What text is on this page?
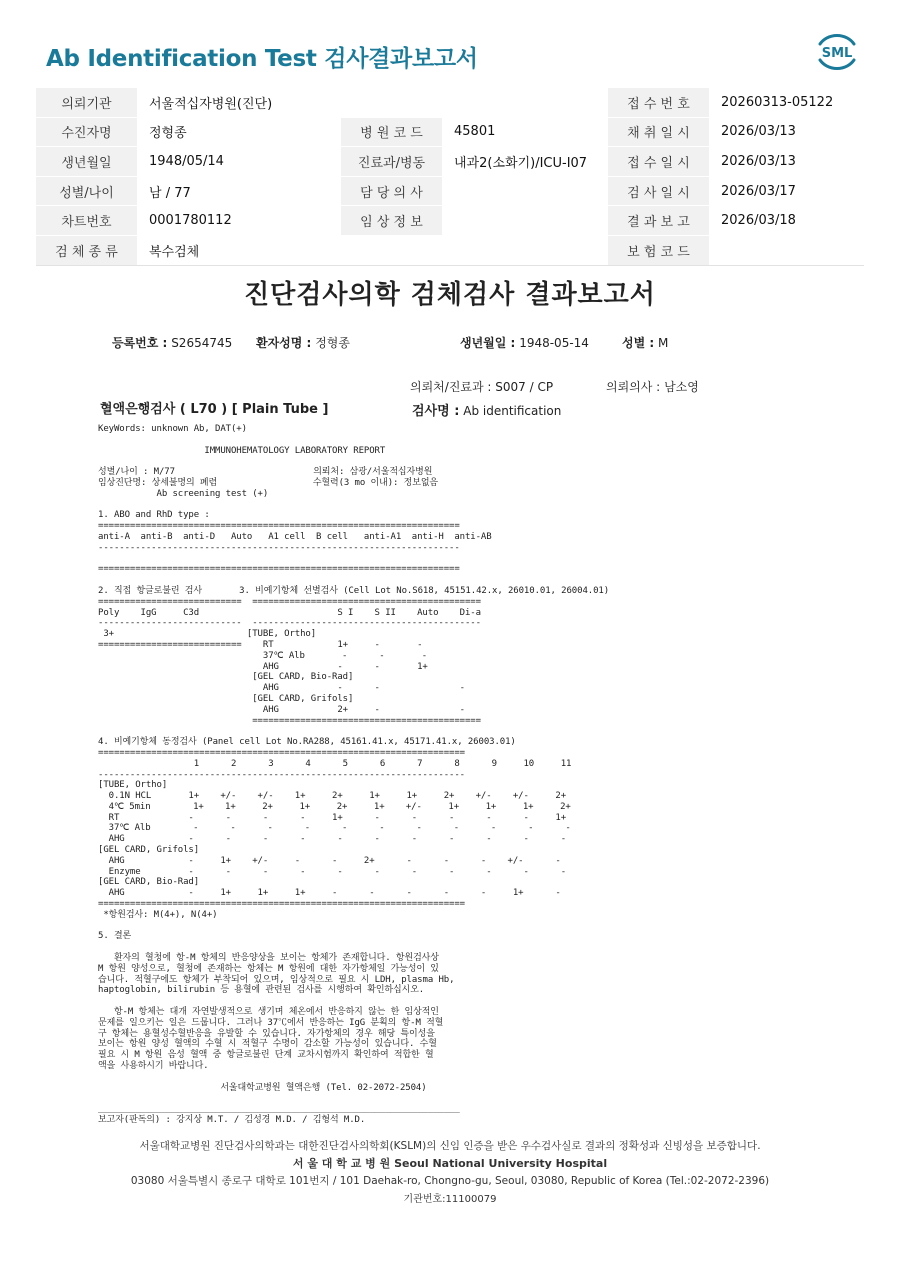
Ab Identification Test 검사결과보고서	SML
의뢰기관	서울적십자병원(진단)			접 수 번 호	20260313-05122
수진자명	정형종	병 원 코 드	45801	채 취 일 시	2026/03/13
생년월일	1948/05/14	진료과/병동	내과2(소화기)/ICU-I07	접 수 일 시	2026/03/13
성별/나이	남 / 77	담 당 의 사		검 사 일 시	2026/03/17
차트번호	0001780112	임 상 정 보		결 과 보 고	2026/03/18
검 체 종 류	복수검체			보 험 코 드	
진단검사의학 검체검사 결과보고서
등록번호 : S2654745 환자성명 : 정형종	생년월일 : 1948-05-14	성별 : M
의뢰처/진료과 : S007 / CP	의뢰의사 : 남소영
혈액은행검사 ( L70 ) [ Plain Tube ]	검사명 : Ab identification
KeyWords: unknown Ab, DAT(+)
IMMUNOHEMATOLOGY LABORATORY REPORT
성별/나이 : M/77                          의뢰처: 삼광/서울적십자병원
임상진단명: 상세불명의 폐렴                  수혈력(3 mo 이내): 정보없음
Ab screening test (+)
1. ABO and RhD type :
====================================================================
anti-A  anti-B  anti-D   Auto   A1 cell  B cell   anti-A1  anti-H  anti-AB
--------------------------------------------------------------------
====================================================================
2. 직접 항글로불린 검사       3. 비예기항체 선별검사 (Cell Lot No.S618, 45151.42.x, 26010.01, 26004.01)
===========================  ===========================================
Poly    IgG     C3d                          S I    S II    Auto    Di-a
---------------------------  -------------------------------------------
3+                         [TUBE, Ortho]
===========================    RT            1+     -       -
37℃ Alb       -      -       -
AHG           -      -       1+
[GEL CARD, Bio-Rad]
AHG           -      -               -
[GEL CARD, Grifols]
AHG           2+     -               -
===========================================
4. 비예기항체 동정검사 (Panel cell Lot No.RA288, 45161.41.x, 45171.41.x, 26003.01)
=====================================================================
1      2      3      4      5      6      7      8      9     10     11
---------------------------------------------------------------------
[TUBE, Ortho]
0.1N HCL       1+    +/-    +/-    1+     2+     1+     1+     2+    +/-    +/-     2+
4℃ 5min        1+    1+     2+     1+     2+     1+    +/-     1+     1+     1+     2+
RT             -      -      -      -     1+      -      -      -      -      -     1+
37℃ Alb        -      -      -      -      -      -      -      -      -      -      -
AHG            -      -      -      -      -      -      -      -      -      -      -
[GEL CARD, Grifols]
AHG            -     1+    +/-     -      -     2+      -      -      -    +/-      -
Enzyme         -      -      -      -      -      -      -      -      -      -      -
[GEL CARD, Bio-Rad]
AHG            -     1+     1+     1+     -      -      -      -      -     1+      -
=====================================================================
*항원검사: M(4+), N(4+)
5. 결론
환자의 혈청에 항-M 항체의 반응양상을 보이는 항체가 존재합니다. 항원검사상
M 항원 양성으로, 혈청에 존재하는 항체는 M 항원에 대한 자가항체일 가능성이 있
습니다. 적혈구에도 항체가 부착되어 있으며, 임상적으로 필요 시 LDH, plasma Hb,
haptoglobin, bilirubin 등 용혈에 관련된 검사를 시행하여 확인하십시오.
항-M 항체는 대개 자연발생적으로 생기며 체온에서 반응하지 않는 한 임상적인
문제를 일으키는 일은 드뭅니다. 그러나 37℃에서 반응하는 IgG 분획의 항-M 적혈
구 항체는 용혈성수혈반응을 유발할 수 있습니다. 자가항체의 경우 해당 특이성을
보이는 항원 양성 혈액의 수혈 시 적혈구 수명이 감소할 가능성이 있습니다. 수혈
필요 시 M 항원 음성 혈액 중 항글로불린 단계 교차시험까지 확인하여 적합한 혈
액을 사용하시기 바랍니다.
서울대학교병원 혈액은행 (Tel. 02-2072-2504)
____________________________________________________________________
보고자(판독의) : 강지상 M.T. / 김성경 M.D. / 김형석 M.D.
서울대학교병원 진단검사의학과는 대한진단검사의학회(KSLM)의 신임 인증을 받은 우수검사실로 결과의 정확성과 신빙성을 보증합니다.
서 울 대 학 교 병 원 Seoul National University Hospital
03080 서울특별시 종로구 대학로 101번지 / 101 Daehak-ro, Chongno-gu, Seoul, 03080, Republic of Korea (Tel.:02-2072-2396)
기관번호:11100079
